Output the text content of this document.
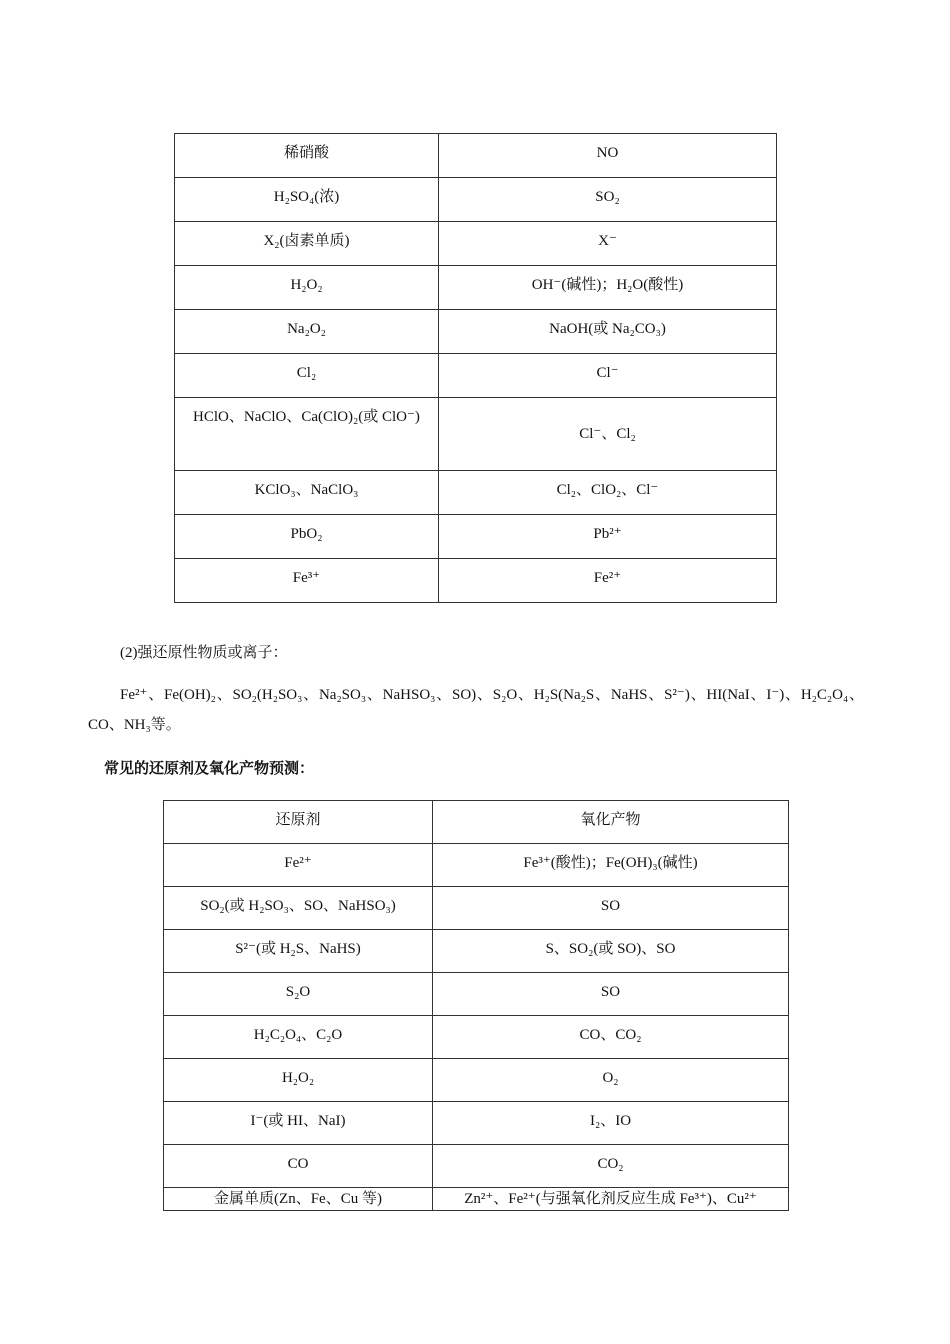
稀硝酸	NO
H₂SO₄(浓)	SO₂
X₂(卤素单质)	X⁻
H₂O₂	OH⁻(碱性)；H₂O(酸性)
Na₂O₂	NaOH(或 Na₂CO₃)
Cl₂	Cl⁻
HClO、NaClO、Ca(ClO)₂(或 ClO⁻)	Cl⁻、Cl₂
KClO₃、NaClO₃	Cl₂、ClO₂、Cl⁻
PbO₂	Pb²⁺
Fe³⁺	Fe²⁺
(2)强还原性物质或离子：
Fe²⁺、Fe(OH)₂、SO₂(H₂SO₃、Na₂SO₃、NaHSO₃、SO)、S₂O、H₂S(Na₂S、NaHS、S²⁻)、HI(NaI、I⁻)、H₂C₂O₄、CO、NH₃等。
常见的还原剂及氧化产物预测：
还原剂	氧化产物
Fe²⁺	Fe³⁺(酸性)；Fe(OH)₃(碱性)
SO₂(或 H₂SO₃、SO、NaHSO₃)	SO
S²⁻(或 H₂S、NaHS)	S、SO₂(或 SO)、SO
S₂O	SO
H₂C₂O₄、C₂O	CO、CO₂
H₂O₂	O₂
I⁻(或 HI、NaI)	I₂、IO
CO	CO₂
金属单质(Zn、Fe、Cu 等)	Zn²⁺、Fe²⁺(与强氧化剂反应生成 Fe³⁺)、Cu²⁺
